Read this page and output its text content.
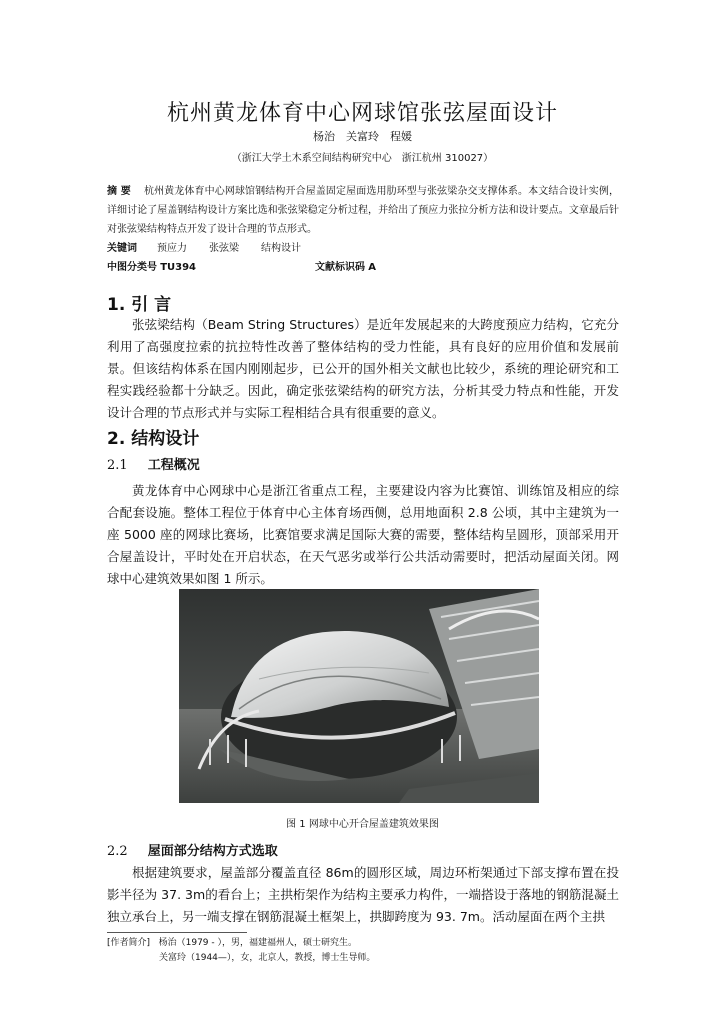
杭州黄龙体育中心网球馆张弦屋面设计
杨治　关富玲　程媛
（浙江大学土木系空间结构研究中心　浙江杭州 310027）
摘 要 杭州黄龙体育中心网球馆钢结构开合屋盖固定屋面选用肋环型与张弦梁杂交支撑体系。本文结合设计实例，详细讨论了屋盖钢结构设计方案比选和张弦梁稳定分析过程，并给出了预应力张拉分析方法和设计要点。文章最后针对张弦梁结构特点开发了设计合理的节点形式。
关键词 预应力 张弦梁 结构设计
中图分类号 TU394	文献标识码 A
1. 引 言
张弦梁结构（Beam String Structures）是近年发展起来的大跨度预应力结构，它充分利用了高强度拉索的抗拉特性改善了整体结构的受力性能，具有良好的应用价值和发展前景。但该结构体系在国内刚刚起步，已公开的国外相关文献也比较少，系统的理论研究和工程实践经验都十分缺乏。因此，确定张弦梁结构的研究方法，分析其受力特点和性能，开发设计合理的节点形式并与实际工程相结合具有很重要的意义。
2. 结构设计
2.1 工程概况
黄龙体育中心网球中心是浙江省重点工程，主要建设内容为比赛馆、训练馆及相应的综合配套设施。整体工程位于体育中心主体育场西侧，总用地面积 2.8 公顷，其中主建筑为一座 5000 座的网球比赛场，比赛馆要求满足国际大赛的需要，整体结构呈圆形，顶部采用开合屋盖设计，平时处在开启状态，在天气恶劣或举行公共活动需要时，把活动屋面关闭。网球中心建筑效果如图 1 所示。
图 1 网球中心开合屋盖建筑效果图
2.2 屋面部分结构方式选取
根据建筑要求，屋盖部分覆盖直径 86m的圆形区域，周边环桁架通过下部支撑布置在投影半径为 37. 3m的看台上；主拱桁架作为结构主要承力构件，一端搭设于落地的钢筋混凝土独立承台上，另一端支撑在钢筋混凝土框架上，拱脚跨度为 93. 7m。活动屋面在两个主拱
[作者简介] 杨治（1979 - ），男，福建福州人，硕士研究生。
关富玲（1944—），女，北京人，教授，博士生导师。
